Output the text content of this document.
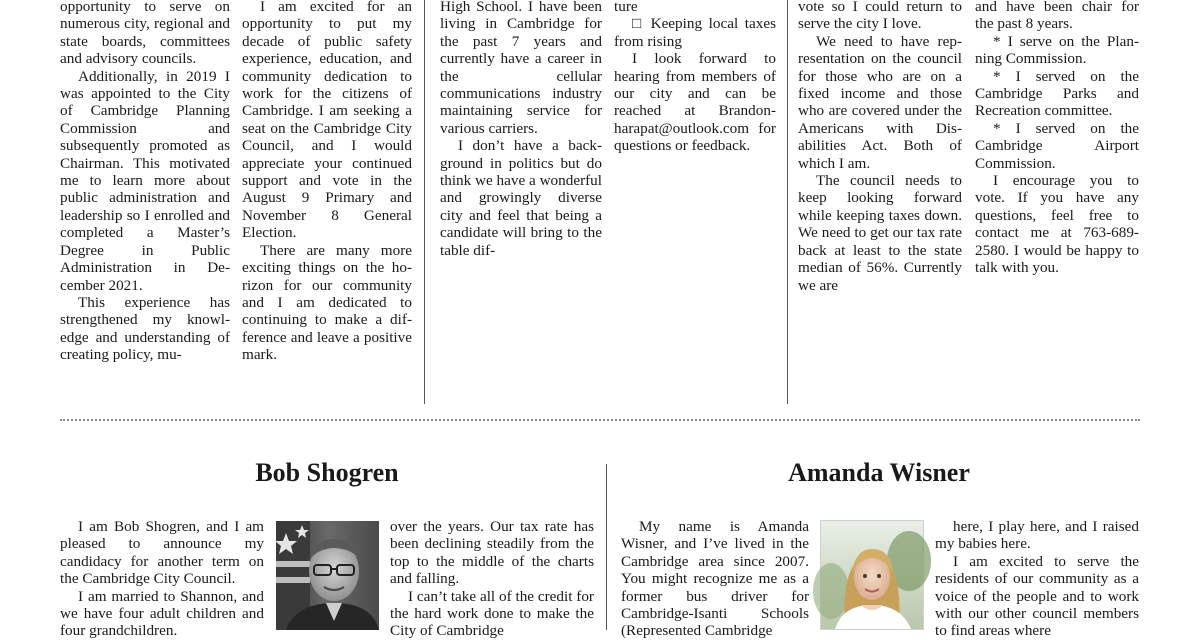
opportunity to serve on numerous city, regional and state boards, committees and advisory councils.

Additionally, in 2019 I was appointed to the City of Cambridge Planning Commission and subsequently promoted as Chairman. This motivated me to learn more about public administration and leadership so I enrolled and completed a Master’s Degree in Public Administration in December 2021.

This experience has strengthened my knowledge and understanding of creating policy, mu-

I am excited for an opportunity to put my decade of public safety experience, education, and community dedication to work for the citizens of Cambridge. I am seeking a seat on the Cambridge City Council, and I would appreciate your continued support and vote in the August 9 Primary and November 8 General Election.

There are many more exciting things on the horizon for our community and I am dedicated to continuing to make a difference and leave a positive mark.

High School. I have been living in Cambridge for the past 7 years and currently have a career in the cellular communications industry maintaining service for various carriers.

I don’t have a background in politics but do think we have a wonderful and growingly diverse city and feel that being a candidate will bring to the table dif-

ture

□ Keeping local taxes from rising

I look forward to hearing from members of our city and can be reached at Brandonharapat@outlook.com for questions or feedback.

vote so I could return to serve the city I love.

We need to have representation on the council for those who are on a fixed income and those who are covered under the Americans with Disabilities Act. Both of which I am.

The council needs to keep looking forward while keeping taxes down. We need to get our tax rate back at least to the state median of 56%. Currently we are

and have been chair for the past 8 years.

* I serve on the Planning Commission.

* I served on the Cambridge Parks and Recreation committee.

* I served on the Cambridge Airport Commission.

I encourage you to vote. If you have any questions, feel free to contact me at 763-689-2580. I would be happy to talk with you.

Bob Shogren	Amanda Wisner

I am Bob Shogren, and I am pleased to announce my candidacy for another term on the Cambridge City Council.

I am married to Shannon, and we have four adult children and four grandchildren.

over the years. Our tax rate has been declining steadily from the top to the middle of the charts and falling.

I can’t take all of the credit for the hard work done to make the City of Cambridge

My name is Amanda Wisner, and I’ve lived in the Cambridge area since 2007. You might recognize me as a former bus driver for Cambridge-Isanti Schools (Represented Cambridge

here, I play here, and I raised my babies here.

I am excited to serve the residents of our community as a voice of the people and to work with our other council members to find areas where
